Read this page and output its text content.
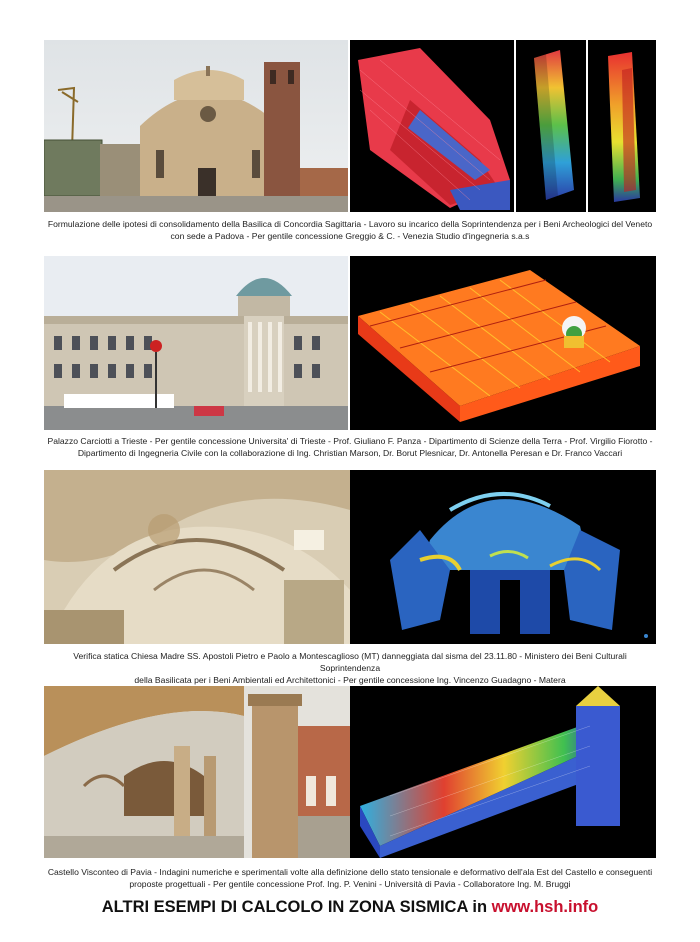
Formulazione delle ipotesi di consolidamento della Basilica di Concordia Sagittaria - Lavoro su incarico della Soprintendenza per i Beni Archeologici del Veneto
con sede a Padova - Per gentile concessione Greggio & C. - Venezia Studio d'ingegneria s.a.s
Palazzo Carciotti a Trieste - Per gentile concessione Universita' di Trieste - Prof. Giuliano F. Panza - Dipartimento di Scienze della Terra - Prof. Virgilio Fiorotto -
Dipartimento di Ingegneria Civile con la collaborazione di Ing. Christian Marson, Dr. Borut Plesnicar, Dr. Antonella Peresan e Dr. Franco Vaccari
Verifica statica Chiesa Madre SS. Apostoli Pietro e Paolo a Montescaglioso (MT) danneggiata dal sisma del 23.11.80 - Ministero dei Beni Culturali Soprintendenza
della Basilicata per i Beni Ambientali ed Architettonici - Per gentile concessione Ing. Vincenzo Guadagno - Matera
Castello Visconteo di Pavia - Indagini numeriche e sperimentali volte alla definizione dello stato tensionale e deformativo dell'ala Est del Castello e conseguenti
proposte progettuali - Per gentile concessione Prof. Ing. P. Venini - Università di Pavia - Collaboratore Ing. M. Bruggi
ALTRI ESEMPI DI CALCOLO IN ZONA SISMICA in www.hsh.info
